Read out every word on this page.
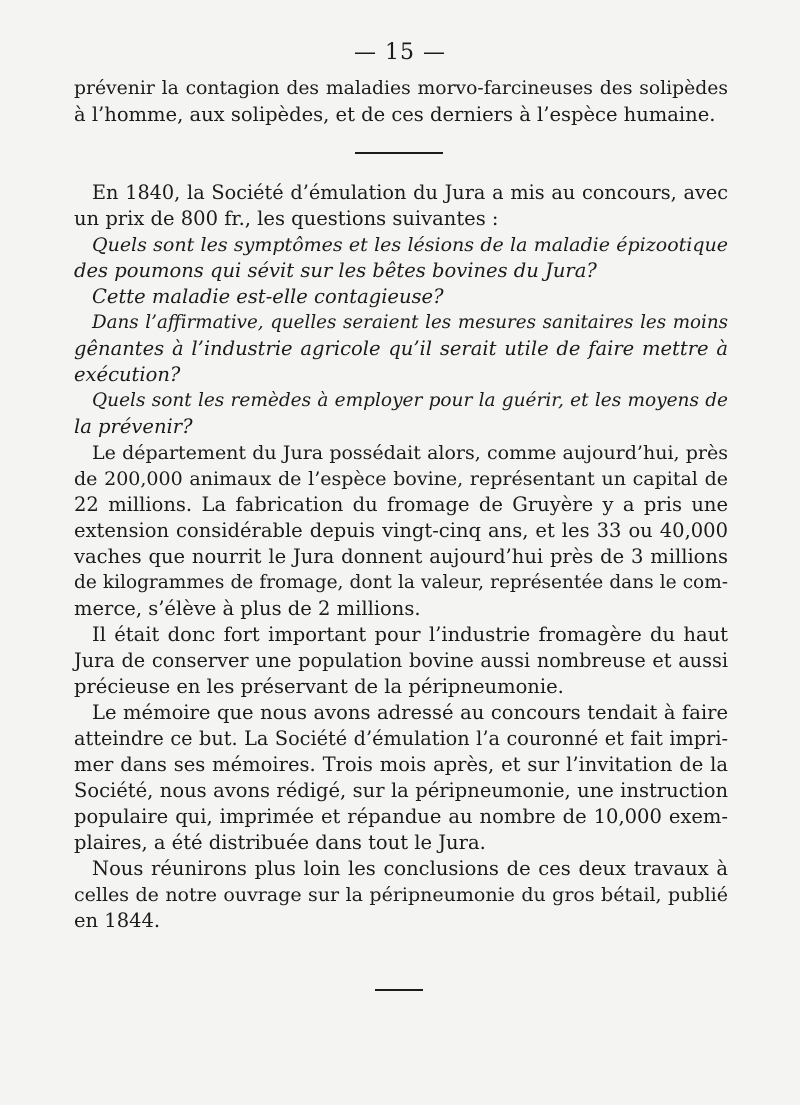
— 15 —
prévenir la contagion des maladies morvo-farcineuses des solipèdes
à l’homme, aux solipèdes, et de ces derniers à l’espèce humaine.
En 1840, la Société d’émulation du Jura a mis au concours, avec
un prix de 800 fr., les questions suivantes :
Quels sont les symptômes et les lésions de la maladie épizootique
des poumons qui sévit sur les bêtes bovines du Jura?
Cette maladie est-elle contagieuse?
Dans l’affirmative, quelles seraient les mesures sanitaires les moins
gênantes à l’industrie agricole qu’il serait utile de faire mettre à
exécution?
Quels sont les remèdes à employer pour la guérir, et les moyens de
la prévenir?
Le département du Jura possédait alors, comme aujourd’hui, près
de 200,000 animaux de l’espèce bovine, représentant un capital de
22 millions. La fabrication du fromage de Gruyère y a pris une
extension considérable depuis vingt-cinq ans, et les 33 ou 40,000
vaches que nourrit le Jura donnent aujourd’hui près de 3 millions
de kilogrammes de fromage, dont la valeur, représentée dans le com-
merce, s’élève à plus de 2 millions.
Il était donc fort important pour l’industrie fromagère du haut
Jura de conserver une population bovine aussi nombreuse et aussi
précieuse en les préservant de la péripneumonie.
Le mémoire que nous avons adressé au concours tendait à faire
atteindre ce but. La Société d’émulation l’a couronné et fait impri-
mer dans ses mémoires. Trois mois après, et sur l’invitation de la
Société, nous avons rédigé, sur la péripneumonie, une instruction
populaire qui, imprimée et répandue au nombre de 10,000 exem-
plaires, a été distribuée dans tout le Jura.
Nous réunirons plus loin les conclusions de ces deux travaux à
celles de notre ouvrage sur la péripneumonie du gros bétail, publié
en 1844.
